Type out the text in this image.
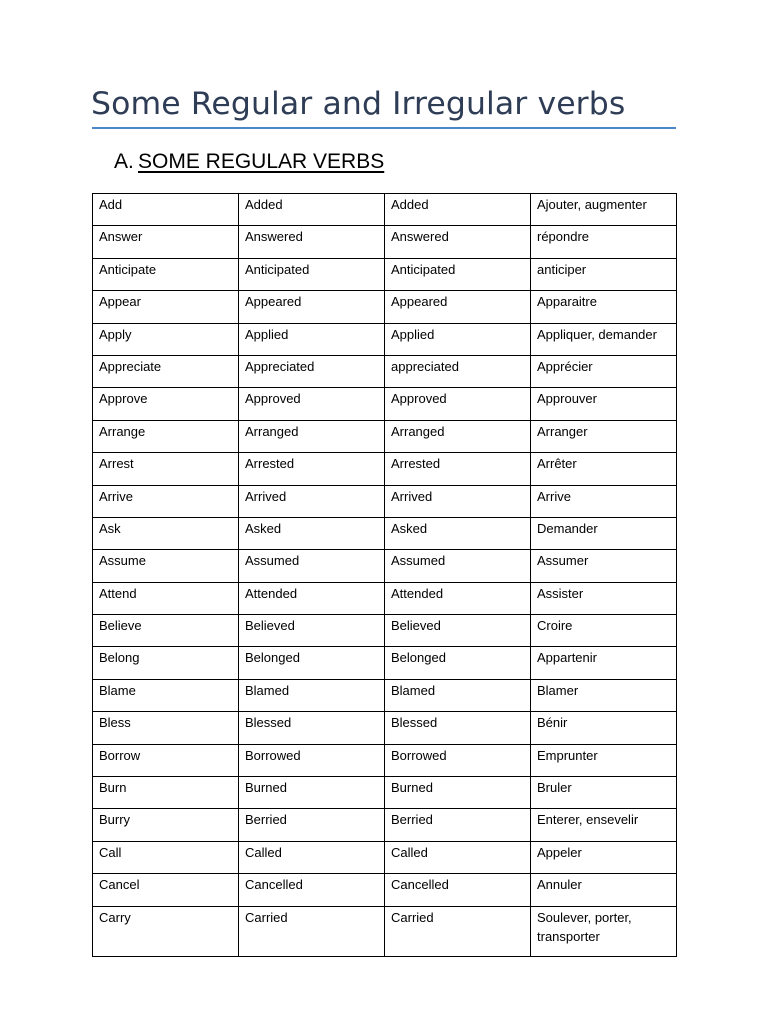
Some Regular and Irregular verbs
A. SOME REGULAR VERBS
Add	Added	Added	Ajouter, augmenter
Answer	Answered	Answered	répondre
Anticipate	Anticipated	Anticipated	anticiper
Appear	Appeared	Appeared	Apparaitre
Apply	Applied	Applied	Appliquer, demander
Appreciate	Appreciated	appreciated	Apprécier
Approve	Approved	Approved	Approuver
Arrange	Arranged	Arranged	Arranger
Arrest	Arrested	Arrested	Arrêter
Arrive	Arrived	Arrived	Arrive
Ask	Asked	Asked	Demander
Assume	Assumed	Assumed	Assumer
Attend	Attended	Attended	Assister
Believe	Believed	Believed	Croire
Belong	Belonged	Belonged	Appartenir
Blame	Blamed	Blamed	Blamer
Bless	Blessed	Blessed	Bénir
Borrow	Borrowed	Borrowed	Emprunter
Burn	Burned	Burned	Bruler
Burry	Berried	Berried	Enterer, ensevelir
Call	Called	Called	Appeler
Cancel	Cancelled	Cancelled	Annuler
Carry	Carried	Carried	Soulever, porter, transporter
